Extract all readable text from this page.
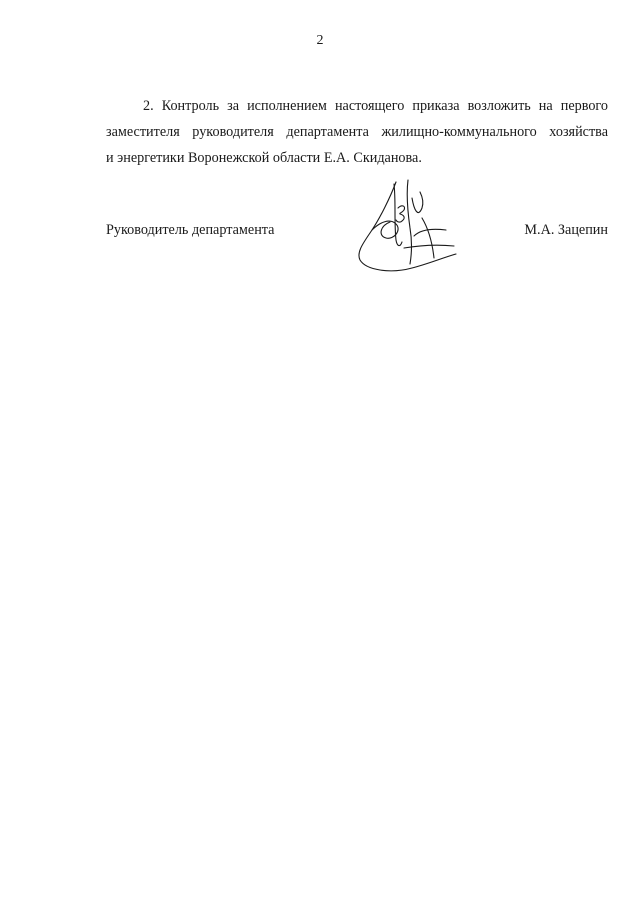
2
2. Контроль за исполнением настоящего приказа возложить на первого
заместителя руководителя департамента жилищно-коммунального хозяйства
и энергетики Воронежской области Е.А. Скиданова.
Руководитель департамента	М.А. Зацепин
